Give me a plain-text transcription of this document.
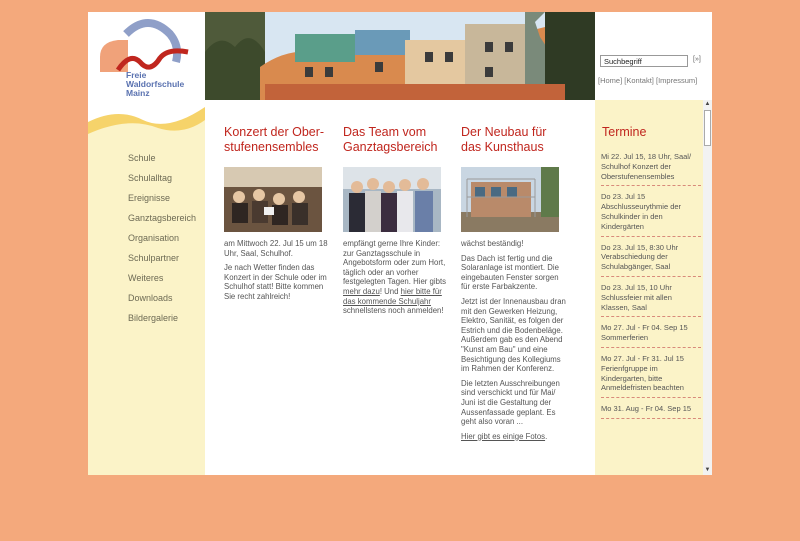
Freie
Waldorfschule
Mainz
Schule
Schulalltag
Ereignisse
Ganztagsbereich
Organisation
Schulpartner
Weiteres
Downloads
Bildergalerie
Suchbegriff
[»]
[Home] [Kontakt] [Impressum]
Konzert der Ober-stufenensembles

am Mittwoch 22. Jul 15 um 18 Uhr, Saal, Schulhof.

Je nach Wetter finden das Konzert in der Schule oder im Schulhof statt! Bitte kommen Sie recht zahlreich!

Das Team vom Ganztagsbereich

empfängt gerne Ihre Kinder: zur Ganztagsschule in Angebotsform oder zum Hort, täglich oder an vorher festgelegten Tagen. Hier gibts mehr dazu! Und hier bitte für das kommende Schuljahr schnellstens noch anmelden!

Der Neubau für das Kunsthaus

wächst beständig!

Das Dach ist fertig und die Solaranlage ist montiert. Die eingebauten Fenster sorgen für erste Farbakzente.

Jetzt ist der Innenausbau dran mit den Gewerken Heizung, Elektro, Sanität, es folgen der Estrich und die Bodenbeläge. Außerdem gab es den Abend "Kunst am Bau" und eine Besichtigung des Kollegiums im Rahmen der Konferenz.

Die letzten Ausschreibungen sind verschickt und für Mai/ Juni ist die Gestaltung der Aussenfassade geplant. Es geht also voran ...

Hier gibt es einige Fotos.

Termine
Mi 22. Jul 15, 18 Uhr, Saal/ Schulhof Konzert der Oberstufenensembles
Do 23. Jul 15 Abschlusseurythmie der Schulkinder in den Kindergärten
Do 23. Jul 15, 8:30 Uhr Verabschiedung der Schulabgänger, Saal
Do 23. Jul 15, 10 Uhr Schlussfeier mit allen Klassen, Saal
Mo 27. Jul - Fr 04. Sep 15 Sommerferien
Mo 27. Jul - Fr 31. Jul 15 Ferienfgruppe im Kindergarten, bitte Anmeldefristen beachten
Mo 31. Aug - Fr 04. Sep 15
▲
▼
